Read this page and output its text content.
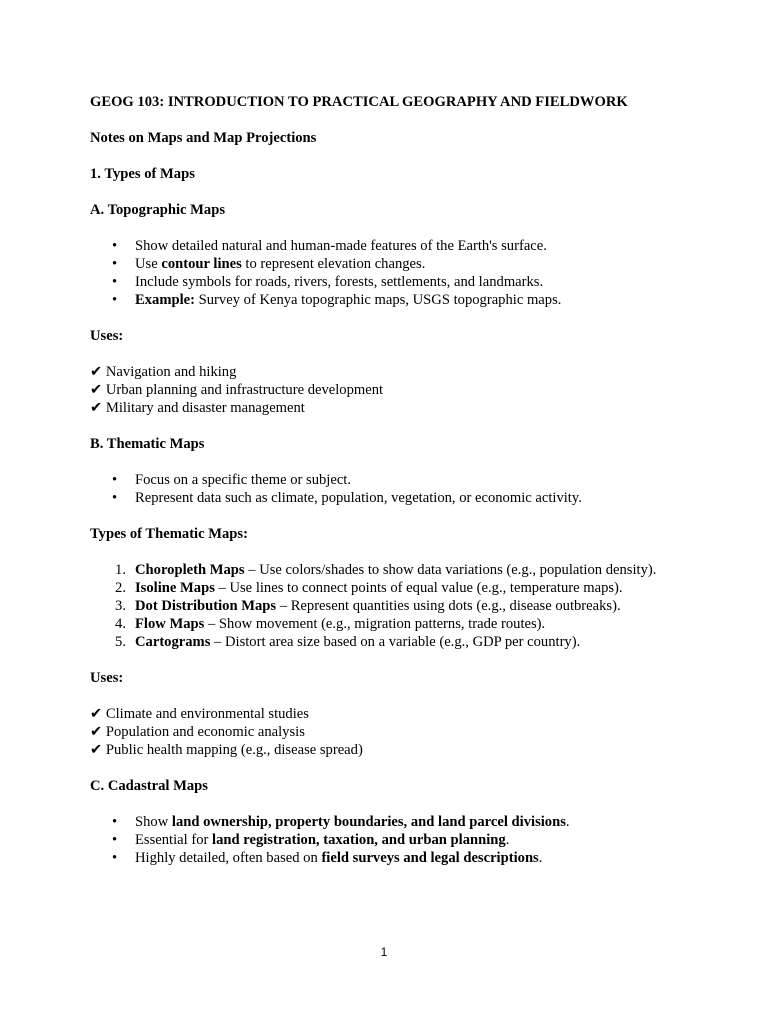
GEOG 103: INTRODUCTION TO PRACTICAL GEOGRAPHY AND FIELDWORK
Notes on Maps and Map Projections
1. Types of Maps
A. Topographic Maps
• Show detailed natural and human-made features of the Earth's surface.
• Use contour lines to represent elevation changes.
• Include symbols for roads, rivers, forests, settlements, and landmarks.
• Example: Survey of Kenya topographic maps, USGS topographic maps.
Uses:
✔ Navigation and hiking
✔ Urban planning and infrastructure development
✔ Military and disaster management
B. Thematic Maps
• Focus on a specific theme or subject.
• Represent data such as climate, population, vegetation, or economic activity.
Types of Thematic Maps:
1. Choropleth Maps – Use colors/shades to show data variations (e.g., population density).
2. Isoline Maps – Use lines to connect points of equal value (e.g., temperature maps).
3. Dot Distribution Maps – Represent quantities using dots (e.g., disease outbreaks).
4. Flow Maps – Show movement (e.g., migration patterns, trade routes).
5. Cartograms – Distort area size based on a variable (e.g., GDP per country).
Uses:
✔ Climate and environmental studies
✔ Population and economic analysis
✔ Public health mapping (e.g., disease spread)
C. Cadastral Maps
• Show land ownership, property boundaries, and land parcel divisions.
• Essential for land registration, taxation, and urban planning.
• Highly detailed, often based on field surveys and legal descriptions.
1
